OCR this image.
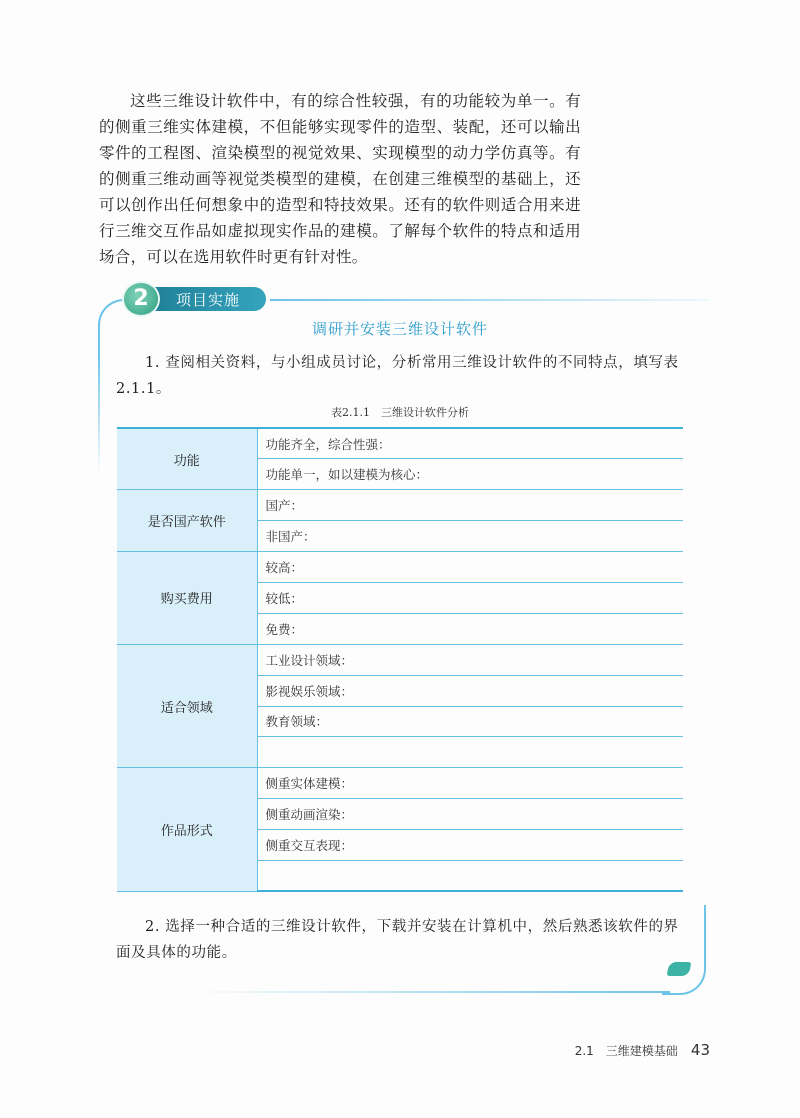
这些三维设计软件中，有的综合性较强，有的功能较为单一。有的侧重三维实体建模，不但能够实现零件的造型、装配，还可以输出零件的工程图、渲染模型的视觉效果、实现模型的动力学仿真等。有的侧重三维动画等视觉类模型的建模，在创建三维模型的基础上，还可以创作出任何想象中的造型和特技效果。还有的软件则适合用来进行三维交互作品如虚拟现实作品的建模。了解每个软件的特点和适用场合，可以在选用软件时更有针对性。

2	项目实施
调研并安装三维设计软件
1. 查阅相关资料，与小组成员讨论，分析常用三维设计软件的不同特点，填写表
2.1.1。
表2.1.1　三维设计软件分析
功能	功能齐全，综合性强：
	功能单一，如以建模为核心：
是否国产软件	国产：
	非国产：
购买费用	较高：
	较低：
	免费：
适合领域	工业设计领域：
	影视娱乐领域：
	教育领域：

作品形式	侧重实体建模：
	侧重动画渲染：
	侧重交互表现：

2. 选择一种合适的三维设计软件，下载并安装在计算机中，然后熟悉该软件的界
面及具体的功能。
2.1　三维建模基础 43
